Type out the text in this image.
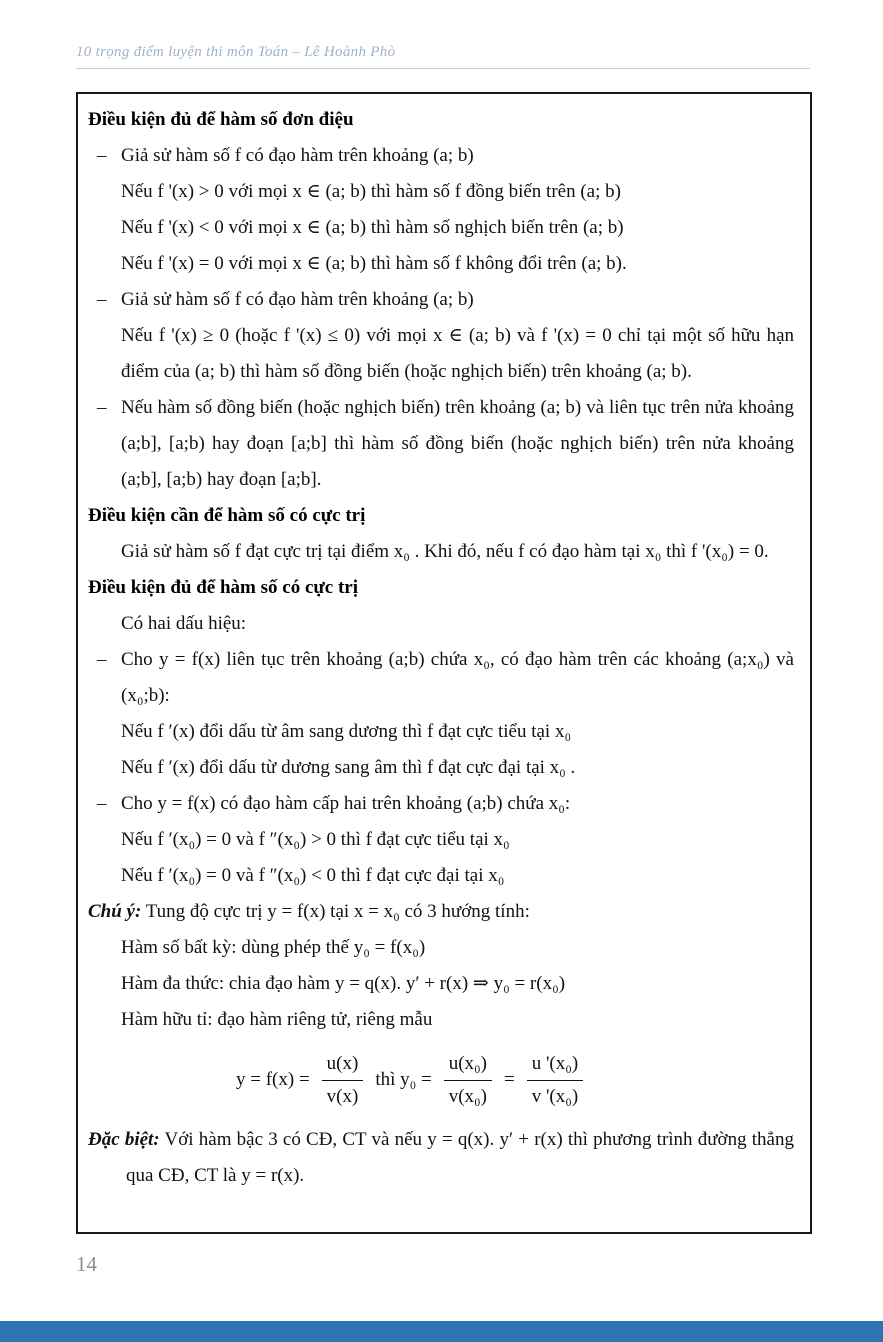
10 trọng điểm luyện thi môn Toán – Lê Hoành Phò

Điều kiện đủ để hàm số đơn điệu

– Giả sử hàm số f có đạo hàm trên khoảng (a; b)

Nếu f '(x) > 0 với mọi x ∈ (a; b) thì hàm số f đồng biến trên (a; b)

Nếu f '(x) < 0 với mọi x ∈ (a; b) thì hàm số nghịch biến trên (a; b)

Nếu f '(x) = 0 với mọi x ∈ (a; b) thì hàm số f không đổi trên (a; b).

– Giả sử hàm số f có đạo hàm trên khoảng (a; b)

Nếu f '(x) ≥ 0 (hoặc f '(x) ≤ 0) với mọi x ∈ (a; b) và f '(x) = 0 chỉ tại một số hữu hạn điểm của (a; b) thì hàm số đồng biến (hoặc nghịch biến) trên khoảng (a; b).

– Nếu hàm số đồng biến (hoặc nghịch biến) trên khoảng (a; b) và liên tục trên nửa khoảng (a;b], [a;b) hay đoạn [a;b] thì hàm số đồng biến (hoặc nghịch biến) trên nửa khoảng (a;b], [a;b) hay đoạn [a;b].

Điều kiện cần để hàm số có cực trị

Giả sử hàm số f đạt cực trị tại điểm x₀ . Khi đó, nếu f có đạo hàm tại x₀ thì f '(x₀) = 0.

Điều kiện đủ để hàm số có cực trị

Có hai dấu hiệu:

– Cho y = f(x) liên tục trên khoảng (a;b) chứa x₀, có đạo hàm trên các khoảng (a;x₀) và (x₀;b):

Nếu f ′(x) đổi dấu từ âm sang dương thì f đạt cực tiểu tại x₀

Nếu f ′(x) đổi dấu từ dương sang âm thì f đạt cực đại tại x₀ .

– Cho y = f(x) có đạo hàm cấp hai trên khoảng (a;b) chứa x₀:

Nếu f ′(x₀) = 0 và f ″(x₀) > 0 thì f đạt cực tiểu tại x₀

Nếu f ′(x₀) = 0 và f ″(x₀) < 0 thì f đạt cực đại tại x₀

Chú ý: Tung độ cực trị y = f(x) tại x = x₀ có 3 hướng tính:

Hàm số bất kỳ: dùng phép thế y₀ = f(x₀)

Hàm đa thức: chia đạo hàm y = q(x). y′ + r(x) ⇒ y₀ = r(x₀)

Hàm hữu tỉ: đạo hàm riêng tử, riêng mẫu

$y = f(x) = \frac{u(x)}{v(x)}$ thì $y_0 = \frac{\text{u(x₀)}}{\text{v(x₀)}} = \frac{\text{u '(x₀)}}{\text{v '(x₀)}}$

Đặc biệt: Với hàm bậc 3 có CĐ, CT và nếu y = q(x). y′ + r(x) thì phương trình đường thẳng qua CĐ, CT là y = r(x).

14
